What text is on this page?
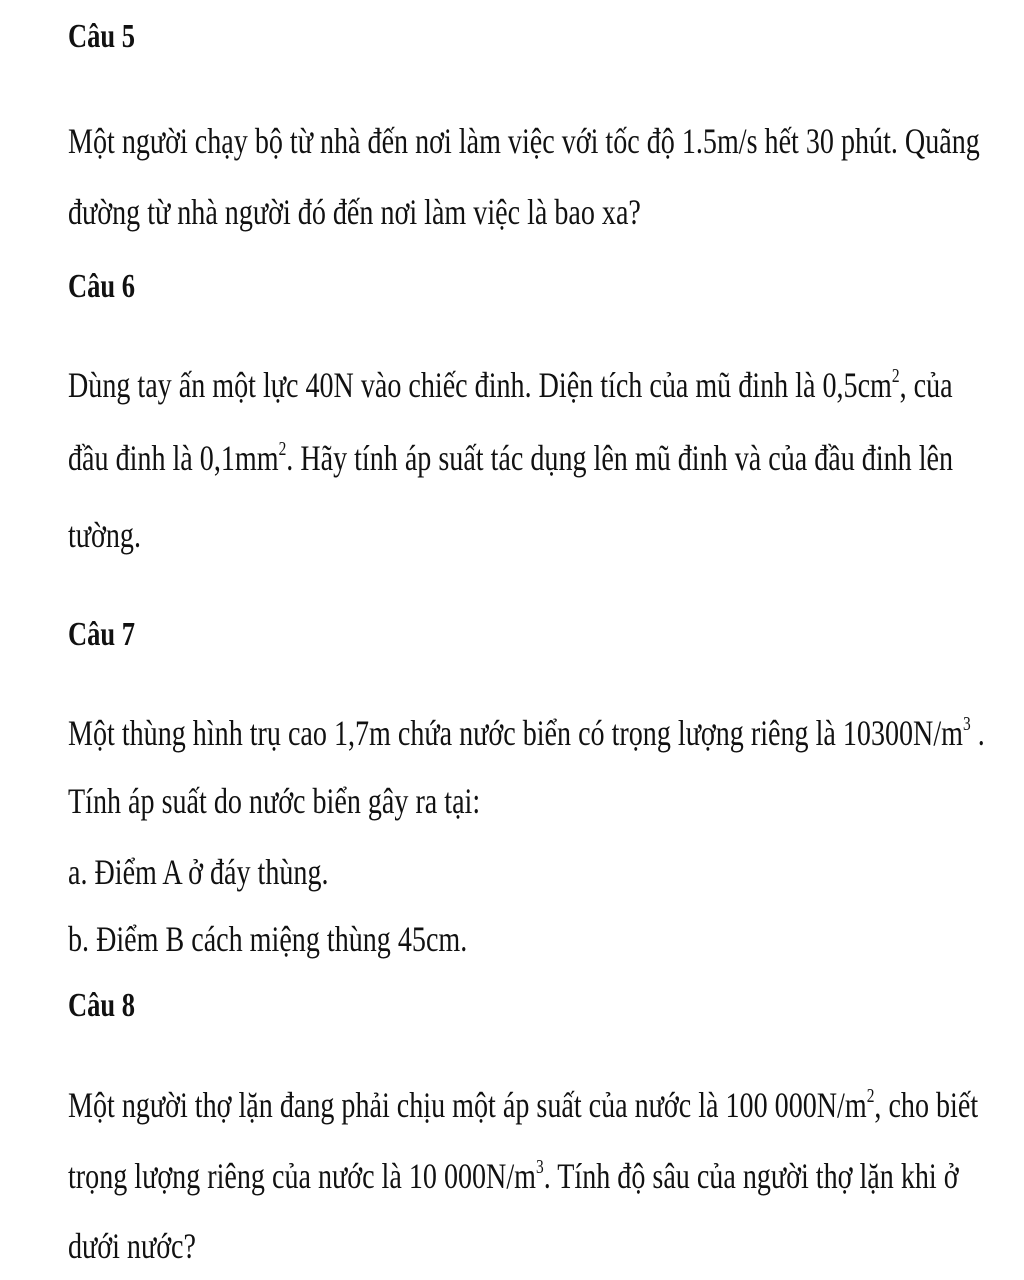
Câu 5

Một người chạy bộ từ nhà đến nơi làm việc với tốc độ 1.5m/s hết 30 phút. Quãng

đường từ nhà người đó đến nơi làm việc là bao xa?

Câu 6

Dùng tay ấn một lực 40N vào chiếc đinh. Diện tích của mũ đinh là $0,5cm^2$, của

đầu đinh là $0,1mm^2$. Hãy tính áp suất tác dụng lên mũ đinh và của đầu đinh lên

tường.

Câu 7

Một thùng hình trụ cao 1,7m chứa nước biển có trọng lượng riêng là $10300N/m^3$ .

Tính áp suất do nước biển gây ra tại:

a. Điểm A ở đáy thùng.

b. Điểm B cách miệng thùng 45cm.

Câu 8

Một người thợ lặn đang phải chịu một áp suất của nước là 100 $000N/m^2$, cho biết

trọng lượng riêng của nước là 10 $000N/m^3$. Tính độ sâu của người thợ lặn khi ở

dưới nước?
